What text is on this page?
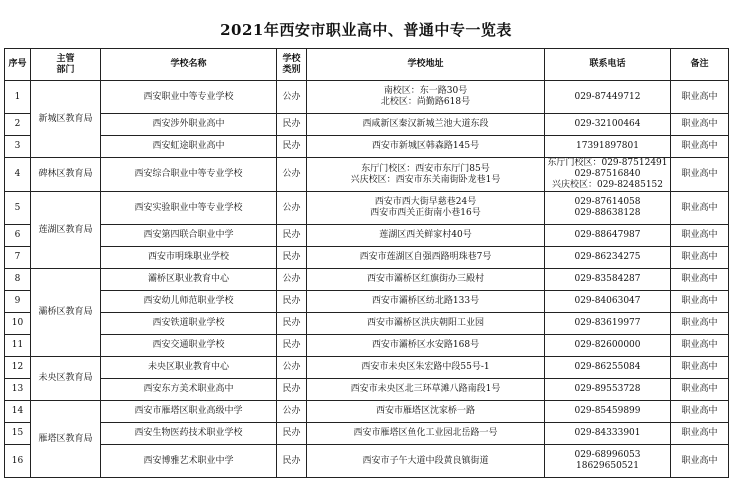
2021年西安市职业高中、普通中专一览表
序号	主管
部门	学校名称	学校
类别	学校地址	联系电话	备注
1	新城区教育局	西安职业中等专业学校	公办	南校区：东一路30号
北校区：尚勤路618号	029-87449712	职业高中
2		西安涉外职业高中	民办	西咸新区秦汉新城兰池大道东段	029-32100464	职业高中
3		西安虹途职业高中	民办	西安市新城区韩森路145号	17391897801	职业高中
4	碑林区教育局	西安综合职业中等专业学校	公办	东厅门校区：西安市东厅门85号
兴庆校区：西安市东关南街卧龙巷1号	东厅门校区：029-87512491
029-87516840
兴庆校区：029-82485152	职业高中
5	莲湖区教育局	西安实验职业中等专业学校	公办	西安市西大街早慈巷24号
西安市西关正街南小巷16号	029-87614058
029-88638128	职业高中
6		西安第四联合职业中学	民办	莲湖区西关鲜家村40号	029-88647987	职业高中
7		西安市明珠职业学校	民办	西安市莲湖区自强西路明珠巷7号	029-86234275	职业高中
8	灞桥区教育局	灞桥区职业教育中心	公办	西安市灞桥区红旗街办三殿村	029-83584287	职业高中
9		西安幼儿师范职业学校	民办	西安市灞桥区纺北路133号	029-84063047	职业高中
10		西安铁道职业学校	民办	西安市灞桥区洪庆朝阳工业园	029-83619977	职业高中
11		西安交通职业学校	民办	西安市灞桥区水安路168号	029-82600000	职业高中
12	未央区教育局	未央区职业教育中心	公办	西安市未央区朱宏路中段55号-1	029-86255084	职业高中
13		西安东方美术职业高中	民办	西安市未央区北三环草滩八路南段1号	029-89553728	职业高中
14	雁塔区教育局	西安市雁塔区职业高级中学	公办	西安市雁塔区沈家桥一路	029-85459899	职业高中
15		西安生物医药技术职业学校	民办	西安市雁塔区鱼化工业园北岳路一号	029-84333901	职业高中
16		西安博雅艺术职业中学	民办	西安市子午大道中段黄良镇街道	029-68996053
18629650521	职业高中
